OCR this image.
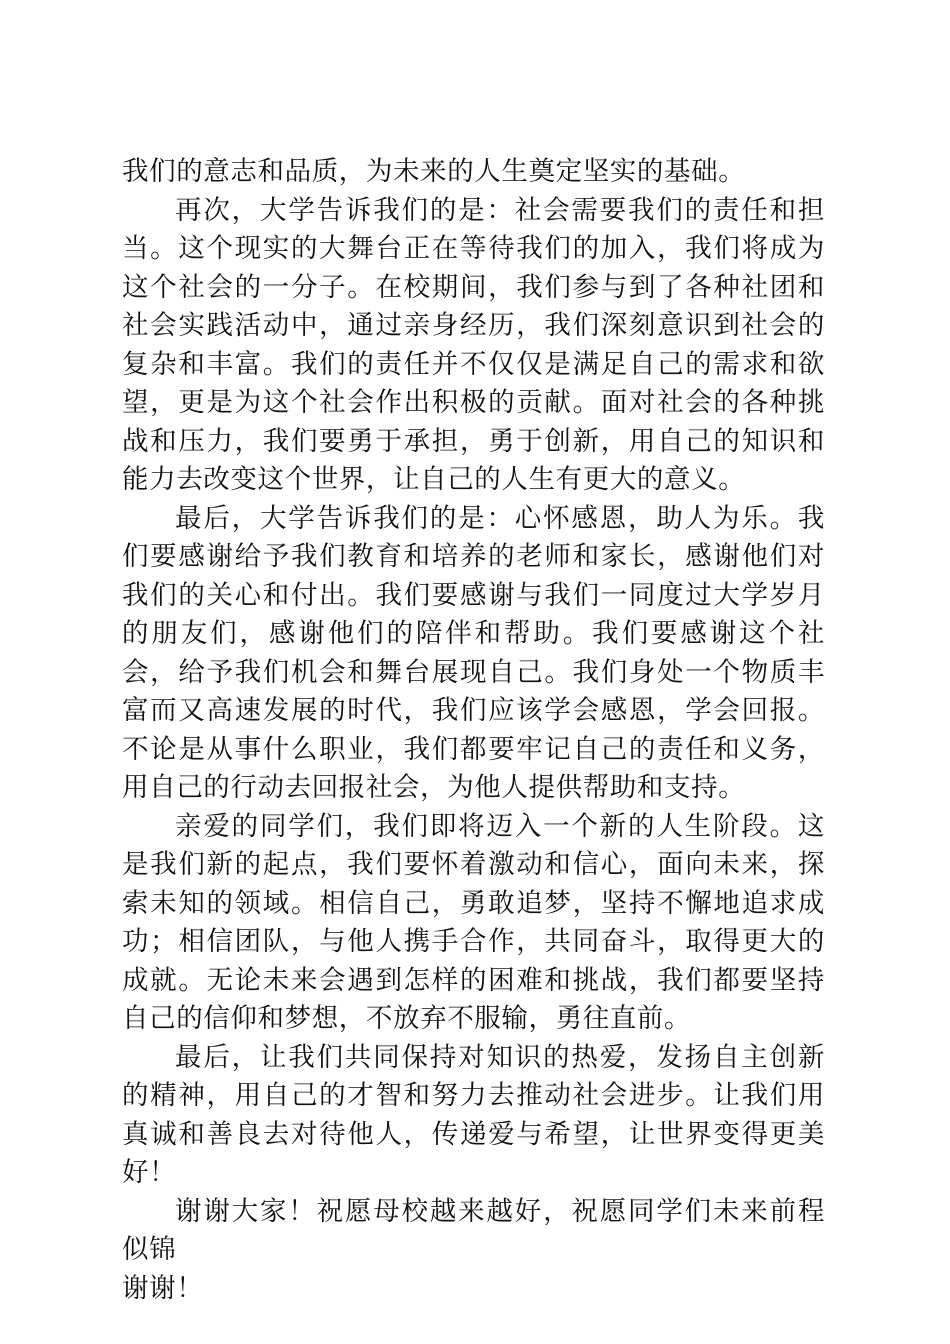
我们的意志和品质，为未来的人生奠定坚实的基础。

再次，大学告诉我们的是：社会需要我们的责任和担当。这个现实的大舞台正在等待我们的加入，我们将成为这个社会的一分子。在校期间，我们参与到了各种社团和社会实践活动中，通过亲身经历，我们深刻意识到社会的复杂和丰富。我们的责任并不仅仅是满足自己的需求和欲望，更是为这个社会作出积极的贡献。面对社会的各种挑战和压力，我们要勇于承担，勇于创新，用自己的知识和能力去改变这个世界，让自己的人生有更大的意义。

最后，大学告诉我们的是：心怀感恩，助人为乐。我们要感谢给予我们教育和培养的老师和家长，感谢他们对我们的关心和付出。我们要感谢与我们一同度过大学岁月的朋友们，感谢他们的陪伴和帮助。我们要感谢这个社会，给予我们机会和舞台展现自己。我们身处一个物质丰富而又高速发展的时代，我们应该学会感恩，学会回报。不论是从事什么职业，我们都要牢记自己的责任和义务，用自己的行动去回报社会，为他人提供帮助和支持。

亲爱的同学们，我们即将迈入一个新的人生阶段。这是我们新的起点，我们要怀着激动和信心，面向未来，探索未知的领域。相信自己，勇敢追梦，坚持不懈地追求成功；相信团队，与他人携手合作，共同奋斗，取得更大的成就。无论未来会遇到怎样的困难和挑战，我们都要坚持自己的信仰和梦想，不放弃不服输，勇往直前。

最后，让我们共同保持对知识的热爱，发扬自主创新的精神，用自己的才智和努力去推动社会进步。让我们用真诚和善良去对待他人，传递爱与希望，让世界变得更美好！

谢谢大家！祝愿母校越来越好，祝愿同学们未来前程似锦

谢谢！
